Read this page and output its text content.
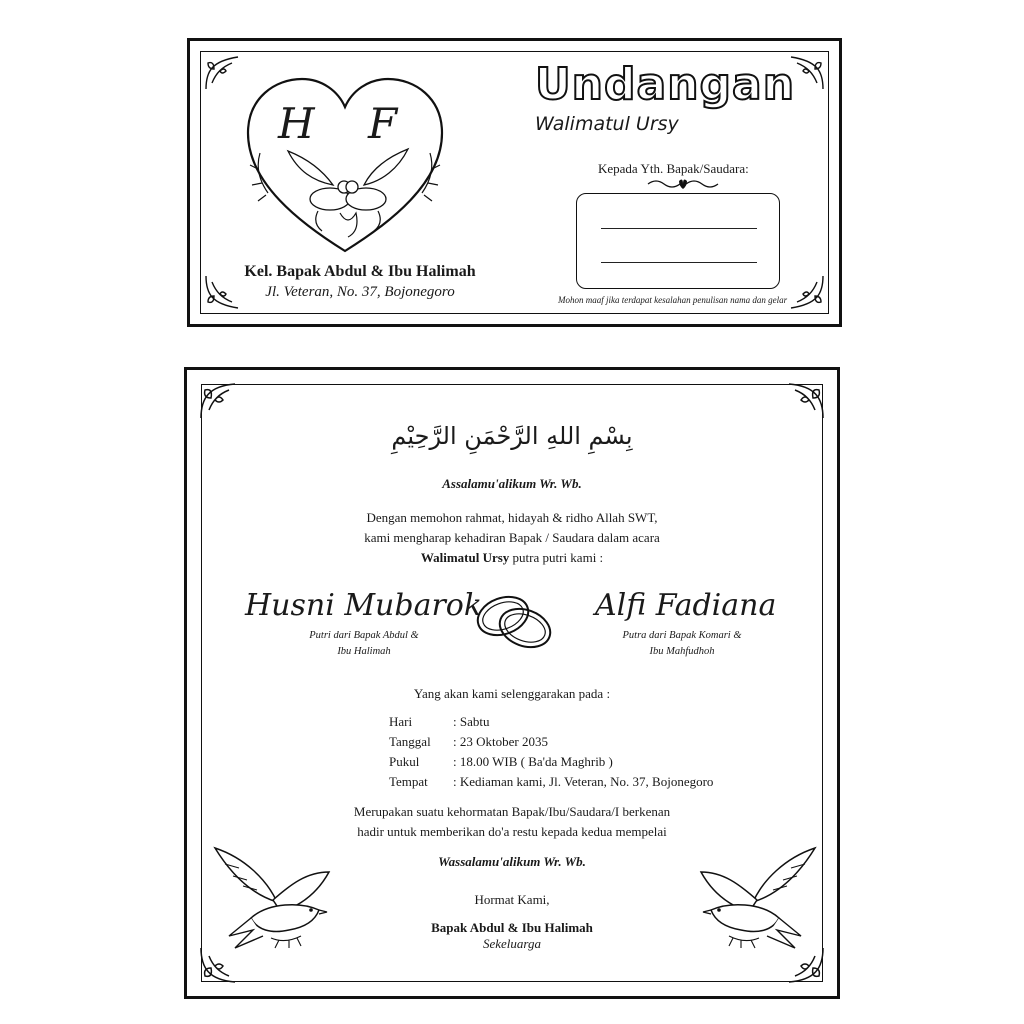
H F
Undangan
Walimatul Ursy
Kel. Bapak Abdul & Ibu Halimah
Jl. Veteran, No. 37, Bojonegoro
Kepada Yth. Bapak/Saudara:
Mohon maaf jika terdapat kesalahan penulisan nama dan gelar
بِسْمِ اللهِ الرَّحْمَنِ الرَّحِيْمِ
Assalamu'alikum Wr. Wb.
Dengan memohon rahmat, hidayah & ridho Allah SWT,
kami mengharap kehadiran Bapak / Saudara dalam acara
Walimatul Ursy putra putri kami :
Husni Mubarok
Putri dari Bapak Abdul &
Ibu Halimah
Alfi Fadiana
Putra dari Bapak Komari &
Ibu Mahfudhoh
Yang akan kami selenggarakan pada :
Hari	: Sabtu
Tanggal : 23 Oktober 2035
Pukul	: 18.00 WIB ( Ba'da Maghrib )
Tempat : Kediaman kami, Jl. Veteran, No. 37, Bojonegoro
Merupakan suatu kehormatan Bapak/Ibu/Saudara/I berkenan
hadir untuk memberikan do'a restu kepada kedua mempelai
Wassalamu'alikum Wr. Wb.
Hormat Kami,
Bapak Abdul & Ibu Halimah
Sekeluarga
